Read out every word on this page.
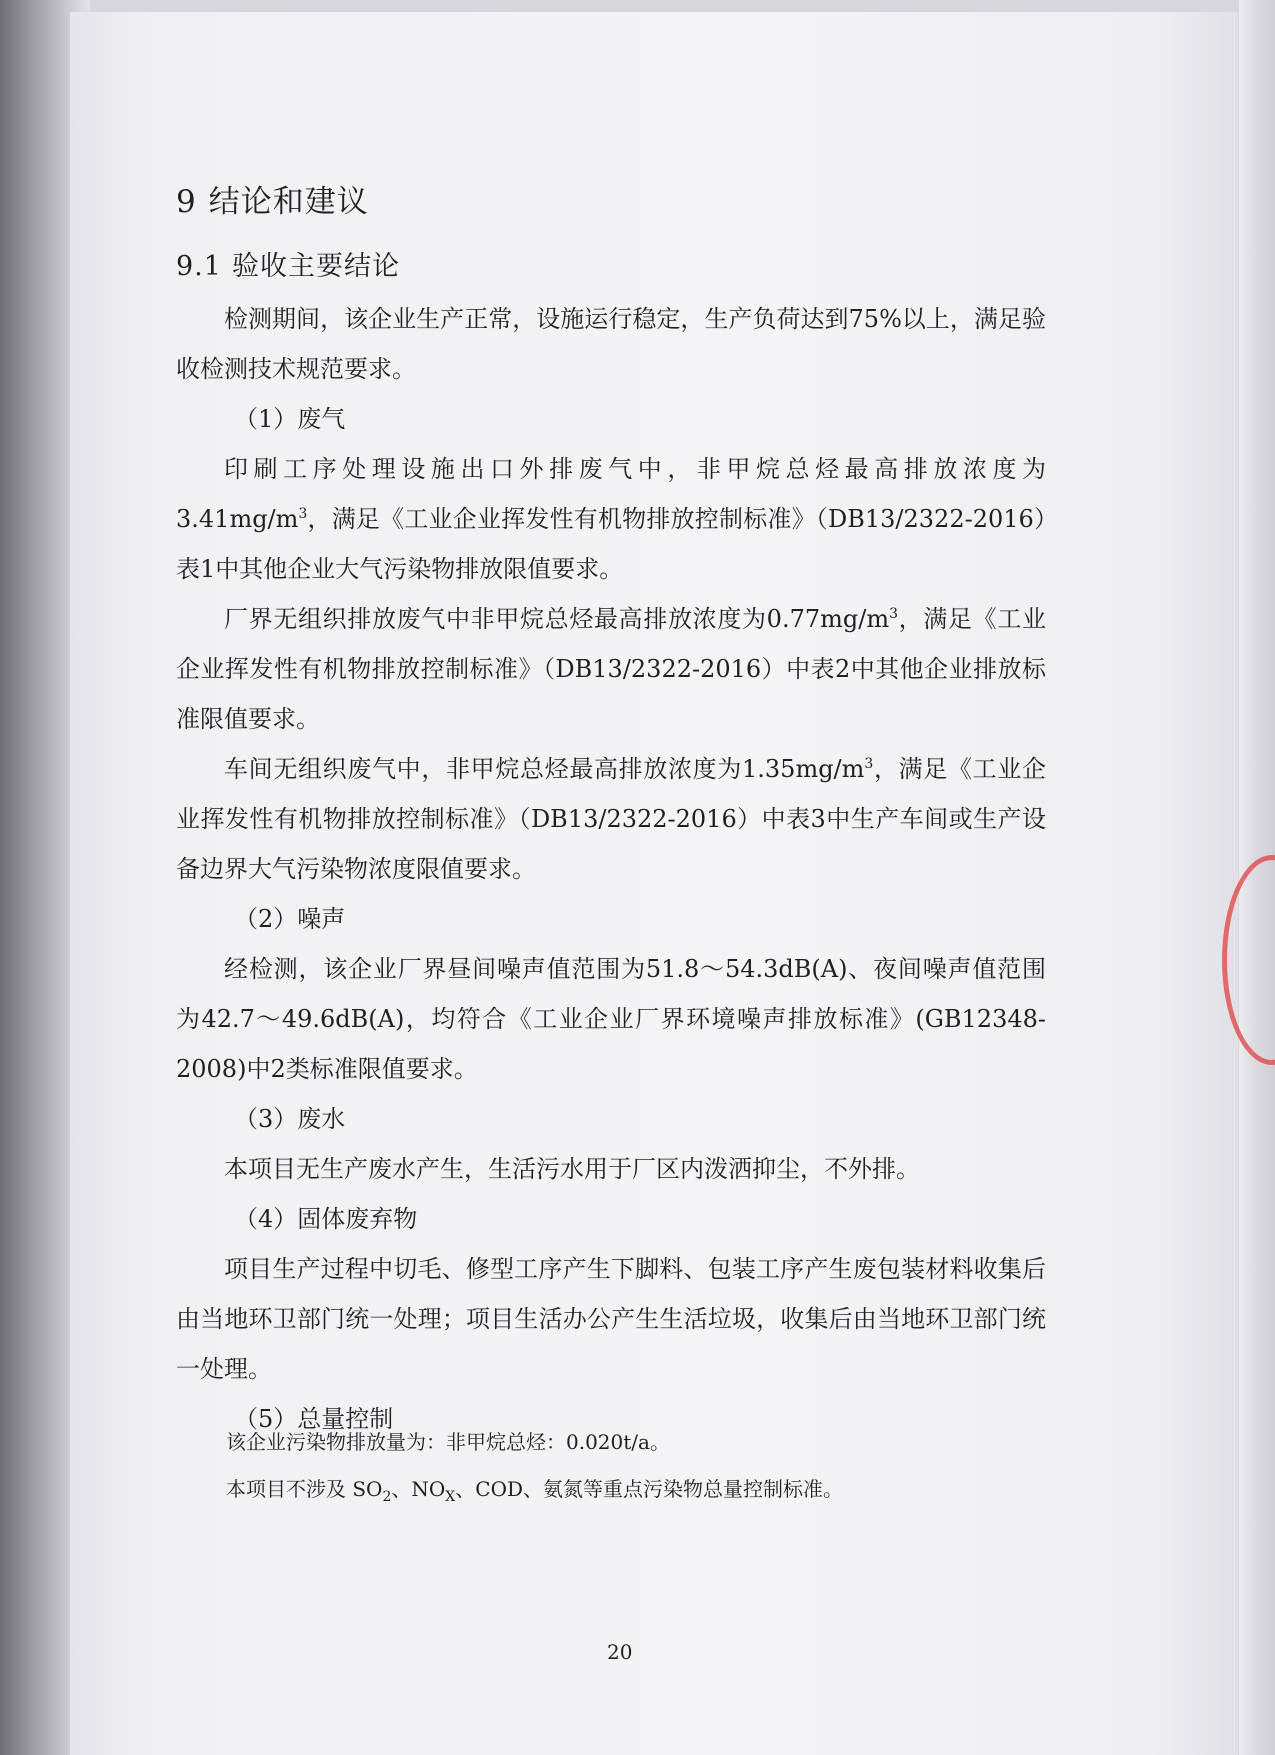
9 结论和建议
9.1 验收主要结论
检测期间，该企业生产正常，设施运行稳定，生产负荷达到75%以上，满足验收检测技术规范要求。
（1）废气
印刷工序处理设施出口外排废气中，非甲烷总烃最高排放浓度为$3.41mg/m^3$，满足《工业企业挥发性有机物排放控制标准》（DB13/2322-2016）表1中其他企业大气污染物排放限值要求。
厂界无组织排放废气中非甲烷总烃最高排放浓度为$0.77mg/m^3$，满足《工业企业挥发性有机物排放控制标准》（DB13/2322-2016）中表2中其他企业排放标准限值要求。
车间无组织废气中，非甲烷总烃最高排放浓度为$1.35mg/m^3$，满足《工业企业挥发性有机物排放控制标准》（DB13/2322-2016）中表3中生产车间或生产设备边界大气污染物浓度限值要求。
（2）噪声
经检测，该企业厂界昼间噪声值范围为51.8～54.3dB(A)、夜间噪声值范围为42.7～49.6dB(A)，均符合《工业企业厂界环境噪声排放标准》(GB12348-2008)中2类标准限值要求。
（3）废水
本项目无生产废水产生，生活污水用于厂区内泼洒抑尘，不外排。
（4）固体废弃物
项目生产过程中切毛、修型工序产生下脚料、包装工序产生废包装材料收集后由当地环卫部门统一处理；项目生活办公产生生活垃圾，收集后由当地环卫部门统一处理。
（5）总量控制
该企业污染物排放量为：非甲烷总烃：0.020t/a。
本项目不涉及 $SO_2$、$NO_X$、COD、氨氮等重点污染物总量控制标准。
20
